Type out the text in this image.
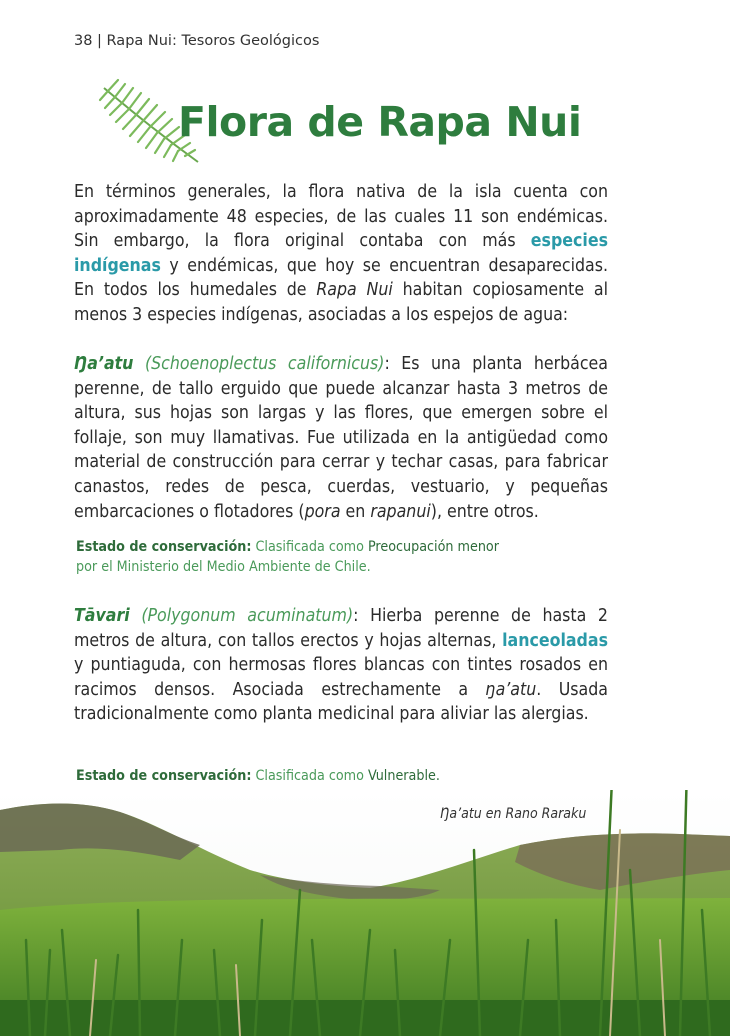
38 | Rapa Nui: Tesoros Geológicos
Flora de Rapa Nui
En términos generales, la flora nativa de la isla cuenta con aproximadamente 48 especies, de las cuales 11 son endémicas. Sin embargo, la flora original contaba con más especies indígenas y endémicas, que hoy se encuentran desaparecidas. En todos los humedales de Rapa Nui habitan copiosamente al menos 3 especies indígenas, asociadas a los espejos de agua:
Ŋa’atu (Schoenoplectus californicus): Es una planta herbácea perenne, de tallo erguido que puede alcanzar hasta 3 metros de altura, sus hojas son largas y las flores, que emergen sobre el follaje, son muy llamativas. Fue utilizada en la antigüedad como material de construcción para cerrar y techar casas, para fabricar canastos, redes de pesca, cuerdas, vestuario, y pequeñas embarcaciones o flotadores (pora en rapanui), entre otros.
Estado de conservación: Clasificada como Preocupación menor por el Ministerio del Medio Ambiente de Chile.
Tāvari (Polygonum acuminatum): Hierba perenne de hasta 2 metros de altura, con tallos erectos y hojas alternas, lanceoladas y puntiaguda, con hermosas flores blancas con tintes rosados en racimos densos. Asociada estrechamente a ŋa’atu. Usada tradicionalmente como planta medicinal para aliviar las alergias.
Estado de conservación: Clasificada como Vulnerable.
Ŋa’atu en Rano Raraku
